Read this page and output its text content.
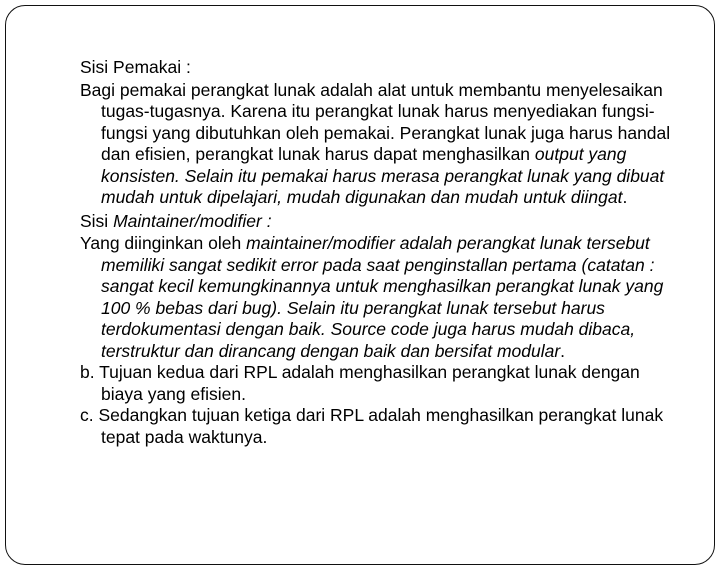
Sisi Pemakai :

Bagi pemakai perangkat lunak adalah alat untuk membantu menyelesaikan tugas-tugasnya. Karena itu perangkat lunak harus menyediakan fungsi-fungsi yang dibutuhkan oleh pemakai. Perangkat lunak juga harus handal dan efisien, perangkat lunak harus dapat menghasilkan output yang konsisten. Selain itu pemakai harus merasa perangkat lunak yang dibuat mudah untuk dipelajari, mudah digunakan dan mudah untuk diingat.

Sisi Maintainer/modifier :

Yang diinginkan oleh maintainer/modifier adalah perangkat lunak tersebut memiliki sangat sedikit error pada saat penginstallan pertama (catatan : sangat kecil kemungkinannya untuk menghasilkan perangkat lunak yang 100 % bebas dari bug). Selain itu perangkat lunak tersebut harus terdokumentasi dengan baik. Source code juga harus mudah dibaca, terstruktur dan dirancang dengan baik dan bersifat modular.

b. Tujuan kedua dari RPL adalah menghasilkan perangkat lunak dengan biaya yang efisien.

c. Sedangkan tujuan ketiga dari RPL adalah menghasilkan perangkat lunak tepat pada waktunya.
